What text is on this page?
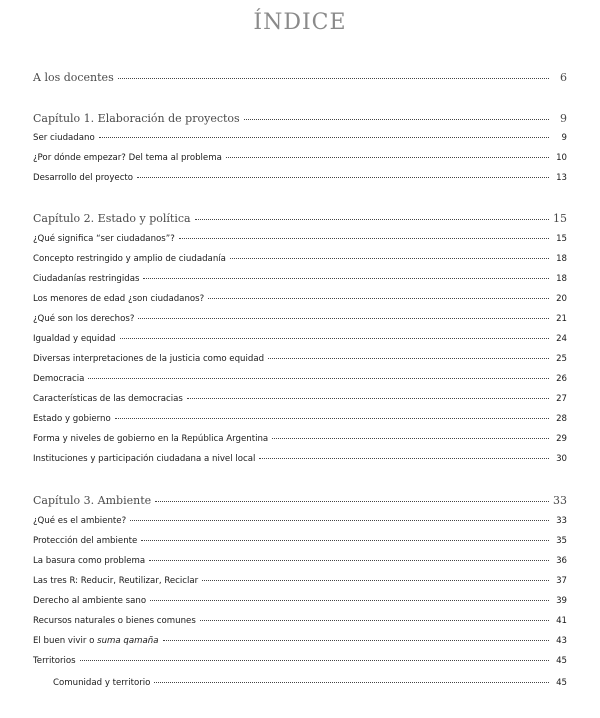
ÍNDICE
A los docentes	6
Capítulo 1. Elaboración de proyectos	9
Ser ciudadano	9
¿Por dónde empezar? Del tema al problema	10
Desarrollo del proyecto	13
Capítulo 2. Estado y política	15
¿Qué significa “ser ciudadanos”?	15
Concepto restringido y amplio de ciudadanía	18
Ciudadanías restringidas	18
Los menores de edad ¿son ciudadanos?	20
¿Qué son los derechos?	21
Igualdad y equidad	24
Diversas interpretaciones de la justicia como equidad	25
Democracia	26
Características de las democracias	27
Estado y gobierno	28
Forma y niveles de gobierno en la República Argentina	29
Instituciones y participación ciudadana a nivel local	30
Capítulo 3. Ambiente	33
¿Qué es el ambiente?	33
Protección del ambiente	35
La basura como problema	36
Las tres R: Reducir, Reutilizar, Reciclar	37
Derecho al ambiente sano	39
Recursos naturales o bienes comunes	41
El buen vivir o suma qamaña	43
Territorios	45
Comunidad y territorio	45
